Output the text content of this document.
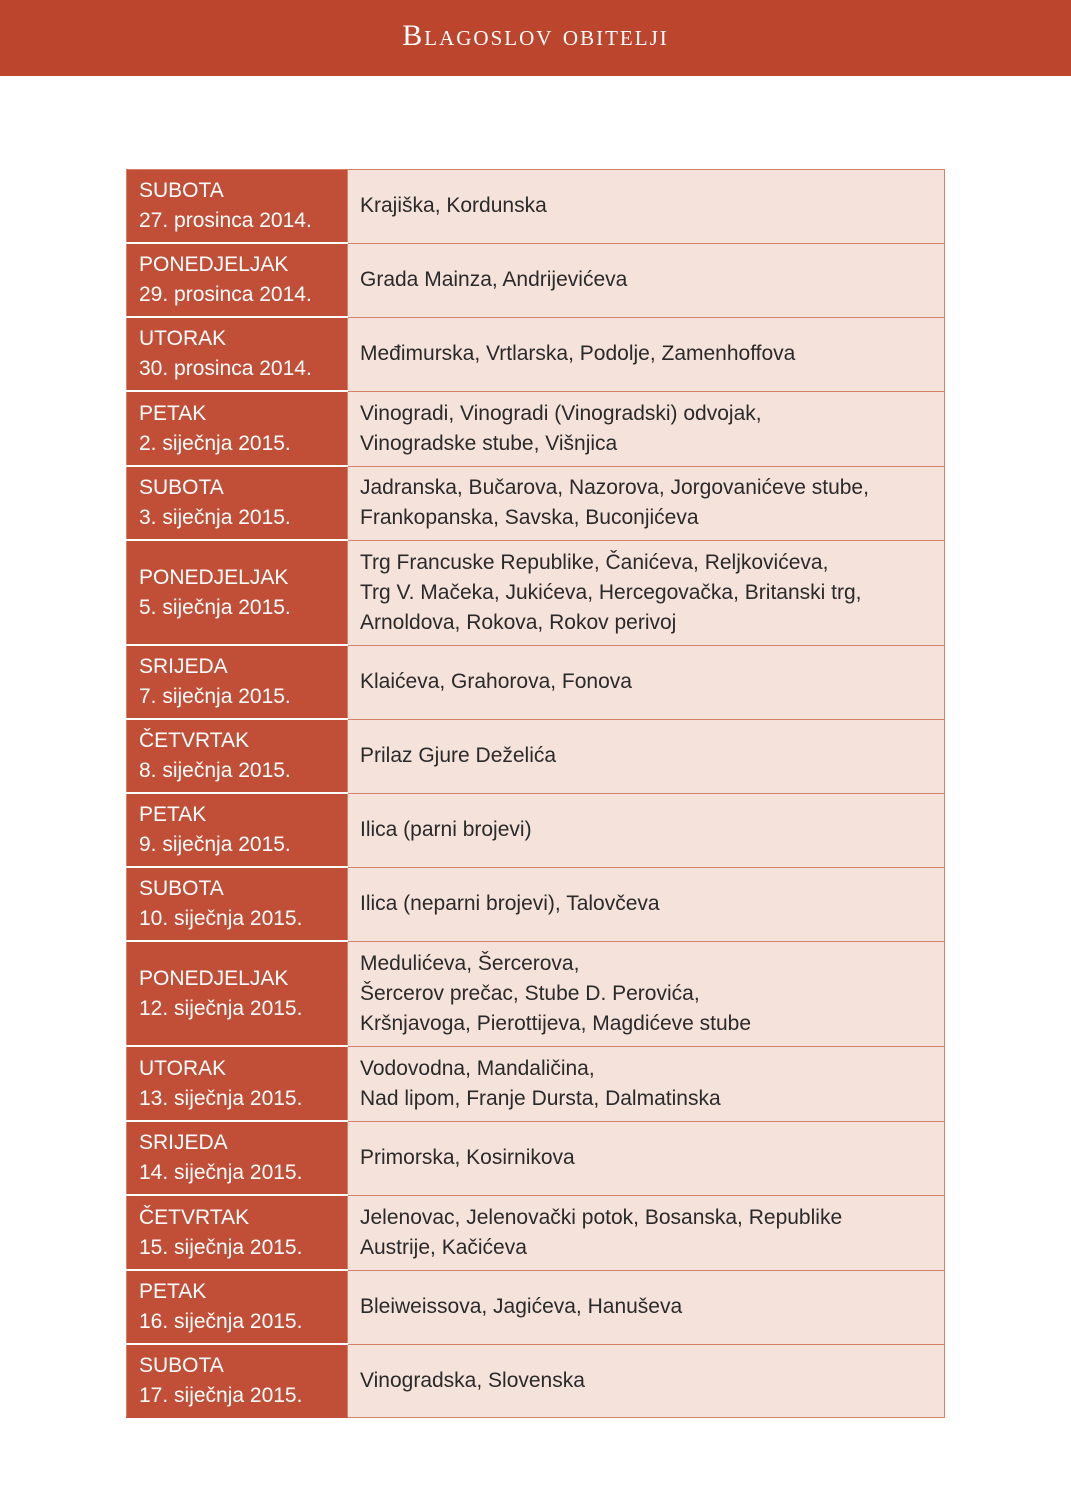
Blagoslov obitelji
SUBOTA
27. prosinca 2014.	Krajiška, Kordunska

PONEDJELJAK
29. prosinca 2014.	Grada Mainza, Andrijevićeva

UTORAK
30. prosinca 2014.	Međimurska, Vrtlarska, Podolje, Zamenhoffova

PETAK
2. siječnja 2015.	Vinogradi, Vinogradi (Vinogradski) odvojak,
Vinogradske stube, Višnjica

SUBOTA
3. siječnja 2015.	Jadranska, Bučarova, Nazorova, Jorgovanićeve stube,
Frankopanska, Savska, Buconjićeva

PONEDJELJAK
5. siječnja 2015.	Trg Francuske Republike, Čanićeva, Reljkovićeva,
Trg V. Mačeka, Jukićeva, Hercegovačka, Britanski trg,
Arnoldova, Rokova, Rokov perivoj

SRIJEDA
7. siječnja 2015.	Klaićeva, Grahorova, Fonova

ČETVRTAK
8. siječnja 2015.	Prilaz Gjure Deželića

PETAK
9. siječnja 2015.	Ilica (parni brojevi)

SUBOTA
10. siječnja 2015.	Ilica (neparni brojevi), Talovčeva

PONEDJELJAK
12. siječnja 2015.	Medulićeva, Šercerova,
Šercerov prečac, Stube D. Perovića,
Kršnjavoga, Pierottijeva, Magdićeve stube

UTORAK
13. siječnja 2015.	Vodovodna, Mandaličina,
Nad lipom, Franje Dursta, Dalmatinska

SRIJEDA
14. siječnja 2015.	Primorska, Kosirnikova

ČETVRTAK
15. siječnja 2015.	Jelenovac, Jelenovački potok, Bosanska, Republike
Austrije, Kačićeva

PETAK
16. siječnja 2015.	Bleiweissova, Jagićeva, Hanuševa

SUBOTA
17. siječnja 2015.	Vinogradska, Slovenska
